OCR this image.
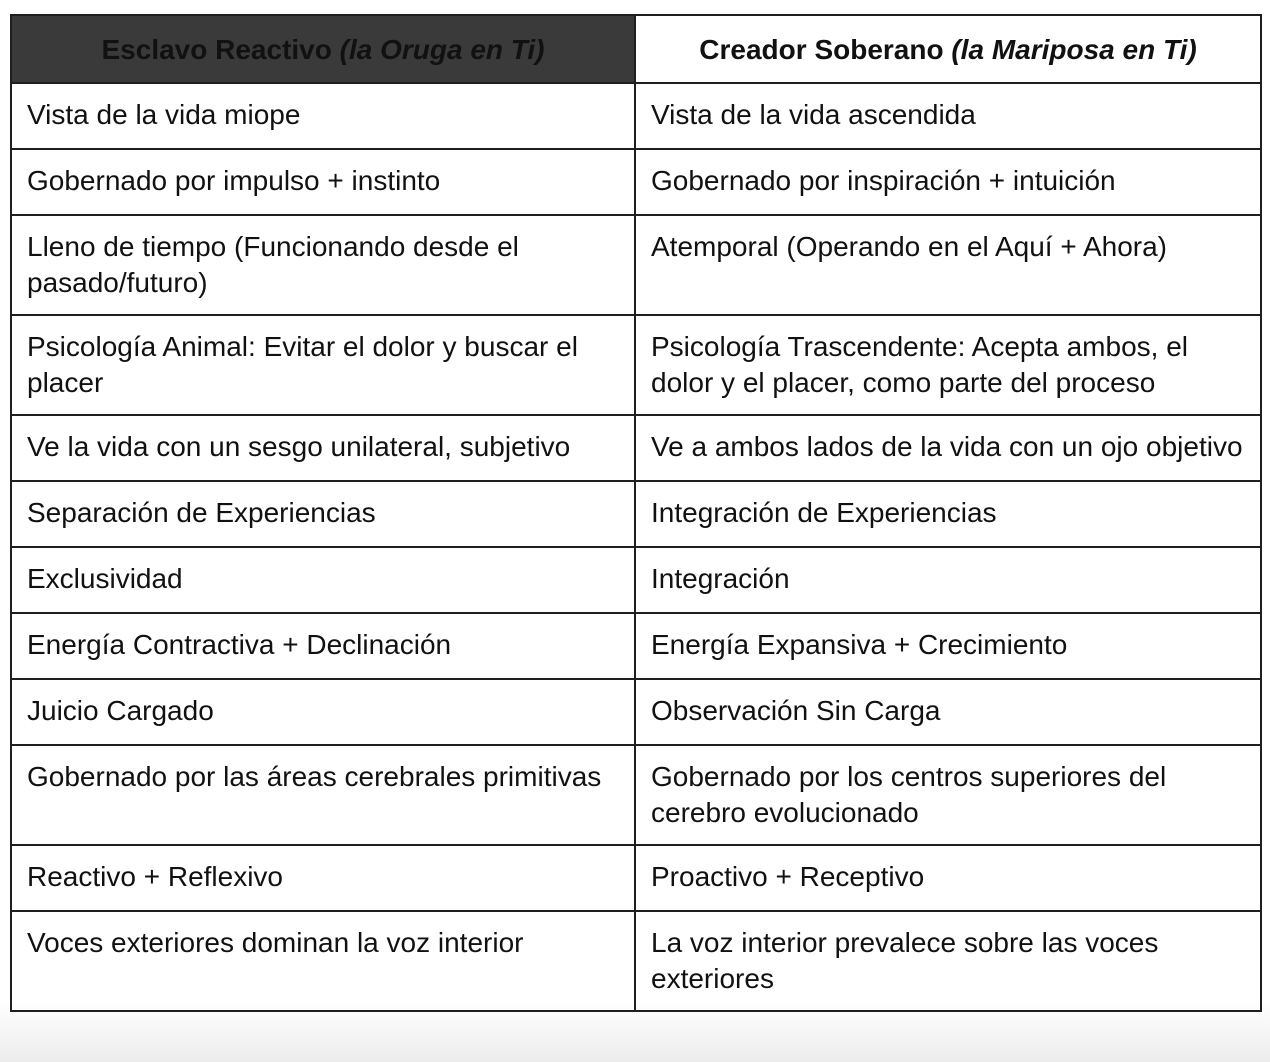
Esclavo Reactivo (la Oruga en Ti)	Creador Soberano (la Mariposa en Ti)
Vista de la vida miope	Vista de la vida ascendida
Gobernado por impulso + instinto	Gobernado por inspiración + intuición
Lleno de tiempo (Funcionando desde el pasado/futuro)	Atemporal (Operando en el Aquí + Ahora)
Psicología Animal: Evitar el dolor y buscar el placer	Psicología Trascendente: Acepta ambos, el dolor y el placer, como parte del proceso
Ve la vida con un sesgo unilateral, subjetivo	Ve a ambos lados de la vida con un ojo objetivo
Separación de Experiencias	Integración de Experiencias
Exclusividad	Integración
Energía Contractiva + Declinación	Energía Expansiva + Crecimiento
Juicio Cargado	Observación Sin Carga
Gobernado por las áreas cerebrales primitivas	Gobernado por los centros superiores del cerebro evolucionado
Reactivo + Reflexivo	Proactivo + Receptivo
Voces exteriores dominan la voz interior	La voz interior prevalece sobre las voces exteriores
